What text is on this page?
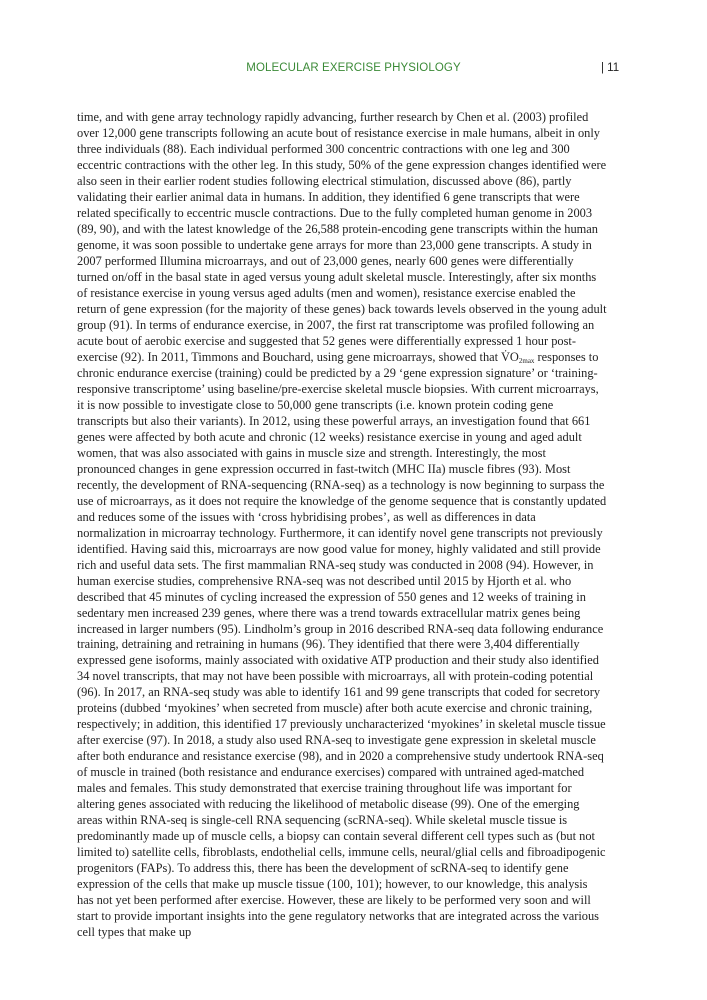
MOLECULAR EXERCISE PHYSIOLOGY	| 11

time, and with gene array technology rapidly advancing, further research by Chen et al. (2003) profiled over 12,000 gene transcripts following an acute bout of resistance exercise in male humans, albeit in only three individuals (88). Each individual performed 300 concentric contractions with one leg and 300 eccentric contractions with the other leg. In this study, 50% of the gene expression changes identified were also seen in their earlier rodent studies following electrical stimulation, discussed above (86), partly validating their earlier animal data in humans. In addition, they identified 6 gene transcripts that were related specifically to eccentric muscle contractions. Due to the fully completed human genome in 2003 (89, 90), and with the latest knowledge of the 26,588 protein-encoding gene transcripts within the human genome, it was soon possible to undertake gene arrays for more than 23,000 gene transcripts. A study in 2007 performed Illumina microarrays, and out of 23,000 genes, nearly 600 genes were differentially turned on/off in the basal state in aged versus young adult skeletal muscle. Interestingly, after six months of resistance exercise in young versus aged adults (men and women), resistance exercise enabled the return of gene expression (for the majority of these genes) back towards levels observed in the young adult group (91). In terms of endurance exercise, in 2007, the first rat transcriptome was profiled following an acute bout of aerobic exercise and suggested that 52 genes were differentially expressed 1 hour post-exercise (92). In 2011, Timmons and Bouchard, using gene microarrays, showed that $V̇O_{2max}$ responses to chronic endurance exercise (training) could be predicted by a 29 ‘gene expression signature’ or ‘training-responsive transcriptome’ using baseline/pre-exercise skeletal muscle biopsies. With current microarrays, it is now possible to investigate close to 50,000 gene transcripts (i.e. known protein coding gene transcripts but also their variants). In 2012, using these powerful arrays, an investigation found that 661 genes were affected by both acute and chronic (12 weeks) resistance exercise in young and aged adult women, that was also associated with gains in muscle size and strength. Interestingly, the most pronounced changes in gene expression occurred in fast-twitch (MHC IIa) muscle fibres (93). Most recently, the development of RNA-sequencing (RNA-seq) as a technology is now beginning to surpass the use of microarrays, as it does not require the knowledge of the genome sequence that is constantly updated and reduces some of the issues with ‘cross hybridising probes’, as well as differences in data normalization in microarray technology. Furthermore, it can identify novel gene transcripts not previously identified. Having said this, microarrays are now good value for money, highly validated and still provide rich and useful data sets. The first mammalian RNA-seq study was conducted in 2008 (94). However, in human exercise studies, comprehensive RNA-seq was not described until 2015 by Hjorth et al. who described that 45 minutes of cycling increased the expression of 550 genes and 12 weeks of training in sedentary men increased 239 genes, where there was a trend towards extracellular matrix genes being increased in larger numbers (95). Lindholm’s group in 2016 described RNA-seq data following endurance training, detraining and retraining in humans (96). They identified that there were 3,404 differentially expressed gene isoforms, mainly associated with oxidative ATP production and their study also identified 34 novel transcripts, that may not have been possible with microarrays, all with protein-coding potential (96). In 2017, an RNA-seq study was able to identify 161 and 99 gene transcripts that coded for secretory proteins (dubbed ‘myokines’ when secreted from muscle) after both acute exercise and chronic training, respectively; in addition, this identified 17 previously uncharacterized ‘myokines’ in skeletal muscle tissue after exercise (97). In 2018, a study also used RNA-seq to investigate gene expression in skeletal muscle after both endurance and resistance exercise (98), and in 2020 a comprehensive study undertook RNA-seq of muscle in trained (both resistance and endurance exercises) compared with untrained aged-matched males and females. This study demonstrated that exercise training throughout life was important for altering genes associated with reducing the likelihood of metabolic disease (99). One of the emerging areas within RNA-seq is single-cell RNA sequencing (scRNA-seq). While skeletal muscle tissue is predominantly made up of muscle cells, a biopsy can contain several different cell types such as (but not limited to) satellite cells, fibroblasts, endothelial cells, immune cells, neural/glial cells and fibroadipogenic progenitors (FAPs). To address this, there has been the development of scRNA-seq to identify gene expression of the cells that make up muscle tissue (100, 101); however, to our knowledge, this analysis has not yet been performed after exercise. However, these are likely to be performed very soon and will start to provide important insights into the gene regulatory networks that are integrated across the various cell types that make up
